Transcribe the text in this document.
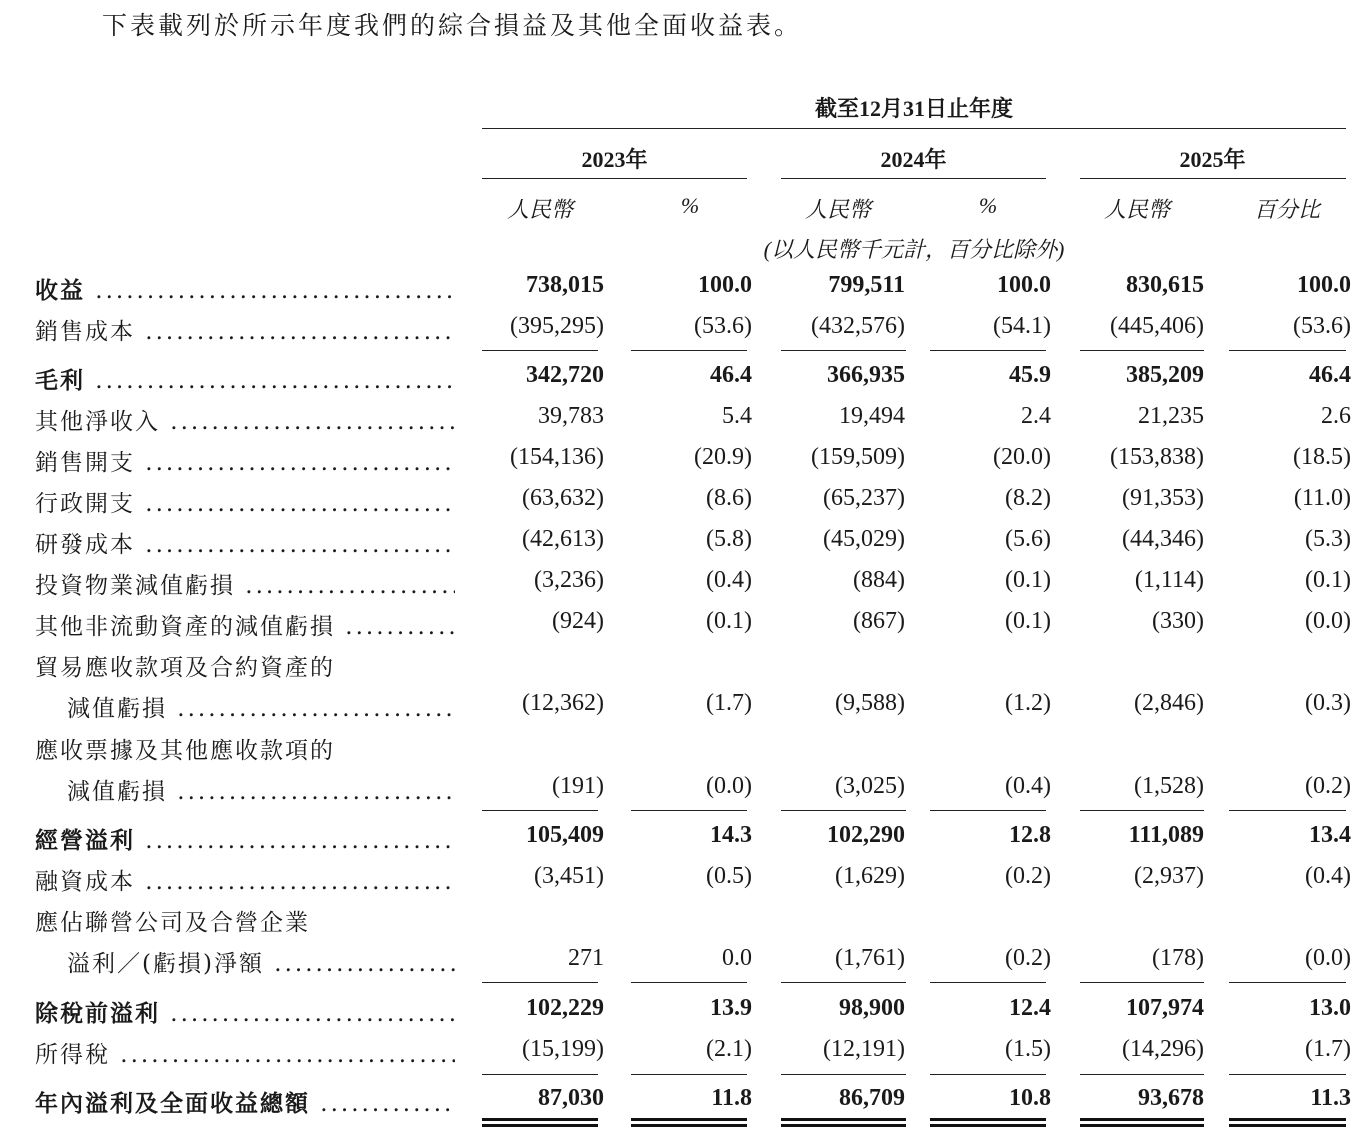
下表載列於所示年度我們的綜合損益及其他全面收益表。
截至12月31日止年度
2023年	2024年	2025年
人民幣	%	人民幣	%	人民幣	百分比
(以人民幣千元計，百分比除外)
收益 .....	738,015	100.0	799,511	100.0	830,615	100.0
銷售成本 .....	(395,295)	(53.6) (432,576)	(54.1) (445,406)	(53.6)
毛利 .....	342,720	46.4	366,935	45.9	385,209	46.4
其他淨收入 .....	39,783	5.4	19,494	2.4	21,235	2.6
銷售開支 .....	(154,136)	(20.9) (159,509)	(20.0) (153,838)	(18.5)
行政開支 .....	(63,632)	(8.6)	(65,237)	(8.2)	(91,353)	(11.0)
研發成本 .....	(42,613)	(5.8)	(45,029)	(5.6)	(44,346)	(5.3)
投資物業減值虧損 .....	(3,236)	(0.4)	(884)	(0.1)	(1,114)	(0.1)
其他非流動資產的減值虧損 .....	(924)	(0.1)	(867)	(0.1)	(330)	(0.0)
貿易應收款項及合約資產的
減值虧損 .....	(12,362)	(1.7)	(9,588)	(1.2)	(2,846)	(0.3)
應收票據及其他應收款項的
減值虧損 .....	(191)	(0.0)	(3,025)	(0.4)	(1,528)	(0.2)
經營溢利 .....	105,409	14.3	102,290	12.8	111,089	13.4
融資成本 .....	(3,451)	(0.5)	(1,629)	(0.2)	(2,937)	(0.4)
應佔聯營公司及合營企業
溢利／(虧損)淨額 .....	271	0.0	(1,761)	(0.2)	(178)	(0.0)
除稅前溢利 .....	102,229	13.9	98,900	12.4	107,974	13.0
所得稅 .....	(15,199)	(2.1)	(12,191)	(1.5)	(14,296)	(1.7)
年內溢利及全面收益總額 .....	87,030	11.8	86,709	10.8	93,678	11.3
